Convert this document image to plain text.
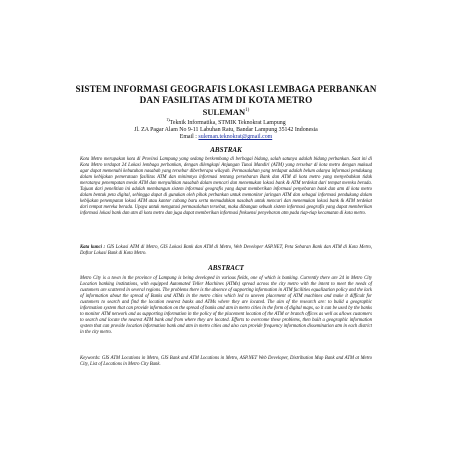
SISTEM INFORMASI GEOGRAFIS LOKASI LEMBAGA PERBANKAN
DAN FASILITAS ATM DI KOTA METRO
SULEMAN$^{1)}$
$^{1)}$Teknik Informatika, STMIK Teknokrat Lampung
Jl. ZA Pagar Alam No 9-11 Labuhan Ratu, Bandar Lampung 35142 Indonesia
Email : suleman.teknokrat@gmail.com
ABSTRAK
Kota Metro merupakan kota di Provinsi Lampung yang sedang berkembang di berbagai bidang, salah satunya adalah bidang perbankan. Saat ini di Kota Metro terdapat 24 Lokasi lembaga perbankan, dengan dilengkapi Anjungan Tunai Mandiri (ATM) yang tersebar di kota metro dengan maksud agar dapat memenuhi kebutuhan nasabah yang tersebar diberberapa wilayah. Permasalahan yang terdapat adalah belum adanya informasi pendukung dalam kebijakan pemerataan fasilitas ATM dan minimnya informasi tentang persebaran Bank dan ATM di kota metro yang menyebabkan tidak meratanya penempatan mesin ATM dan menyulitkan nasabah dalam mencari dan menemukan lokasi bank & ATM terdekat dari tempat mereka berada. Tujuan dari penelitian ini adalah membangun sistem informasi geografis yang dapat memberikan informasi penyebaran bank dan atm di kota metro dalam bentuk peta digital, sehingga dapat di gunakan oleh pihak perbankan untuk memonitor jaringan ATM dan sebagai informasi pendukung dalam kebijakan penempatan lokasi ATM atau kantor cabang baru serta memudahkan nasabah untuk mencari dan menemukan lokasi bank & ATM terdekat dari tempat mereka berada. Upaya untuk mengatasi permasalahan tersebut, maka dibangun sebuah sistem informasi geografis yang dapat memberikan informasi lokasi bank dan atm di kota metro dan juga dapat memberikan informasi frekuensi penyebaran atm pada tiap-tiap kecamatan di kota metro.
Kata kunci : GIS Lokasi ATM di Metro, GIS Lokasi Bank dan ATM di Metro, Web Developer ASP.NET, Peta Sebaran Bank dan ATM di Kota Metro, Daftar Lokasi Bank di Kota Metro.
ABSTRACT
Metro City is a town in the province of Lampung is being developed in various fields, one of which is banking. Currently there are 24 in Metro City Location banking institutions, with equipped Automated Teller Machines (ATMs) spread across the city metro with the intent to meet the needs of customers are scattered in several regions. The problems there is the absence of supporting information in ATM facilities equalization policy and the lack of information about the spread of Banks and ATMs in the metro cities which led to uneven placement of ATM machines and make it difficult for customers to search and find the location nearest banks and ATMs where they are located. The aim of the research are: to build a geographic information system that can provide information on the spread of banks and atm in metro cities in the form of digital maps, so it can be used by the banks to monitor ATM network and as supporting information in the policy of the placement location of the ATM or branch offices as well as allows customers to search and locate the nearest ATM bank and from where they are located. Efforts to overcome these problems, then built a geographic information system that can provide location information bank and atm in metro cities and also can provide frequency information dissemination atm in each district in the city metro.
Keywords: GIS ATM Locations in Metro, GIS Bank and ATM Locations in Metro, ASP.NET Web Developer, Distribution Map Bank and ATM at Metro City, List of Locations in Metro City Bank.
